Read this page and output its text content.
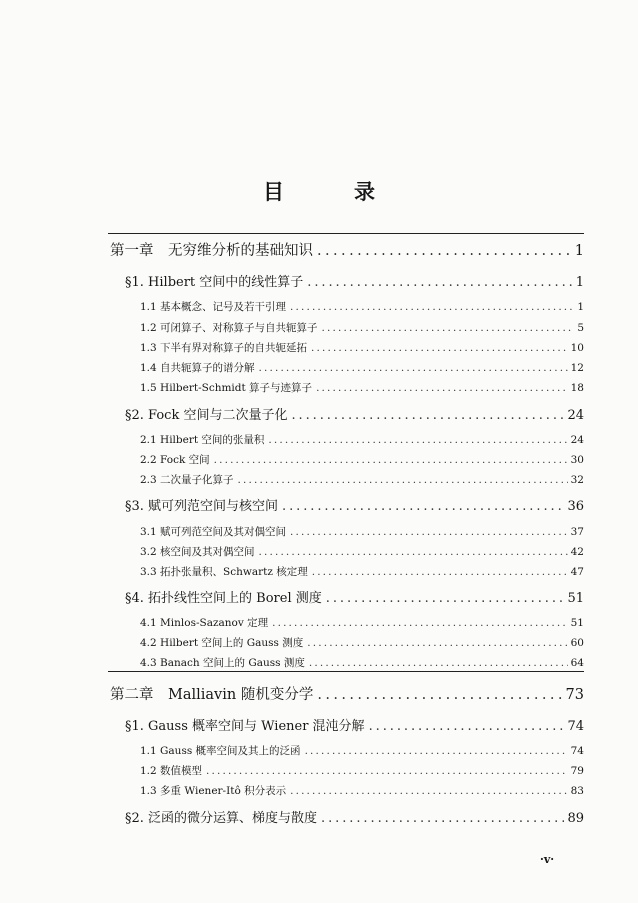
目	录
第一章　无穷维分析的基础知识 . . .	1
§1. Hilbert 空间中的线性算子 . . .	1
1.1 基本概念、记号及若干引理 . . .	1
1.2 可闭算子、对称算子与自共轭算子 . . .	5
1.3 下半有界对称算子的自共轭延拓 . . .	10
1.4 自共轭算子的谱分解 . . .	12
1.5 Hilbert-Schmidt 算子与迹算子 . . .	18
§2. Fock 空间与二次量子化 . . .	24
2.1 Hilbert 空间的张量积 . . .	24
2.2 Fock 空间 . . .	30
2.3 二次量子化算子 . . .	32
§3. 赋可列范空间与核空间 . . .	36
3.1 赋可列范空间及其对偶空间 . . .	37
3.2 核空间及其对偶空间 . . .	42
3.3 拓扑张量积、Schwartz 核定理 . . .	47
§4. 拓扑线性空间上的 Borel 测度 . . .	51
4.1 Minlos-Sazanov 定理 . . .	51
4.2 Hilbert 空间上的 Gauss 测度 . . .	60
4.3 Banach 空间上的 Gauss 测度 . . .	64
第二章　Malliavin 随机变分学 . . .	73
§1. Gauss 概率空间与 Wiener 混沌分解 . . .	74
1.1 Gauss 概率空间及其上的泛函 . . .	74
1.2 数值模型 . . .	79
1.3 多重 Wiener-Itô 积分表示 . . .	83
§2. 泛函的微分运算、梯度与散度 . . .	89
·v·
